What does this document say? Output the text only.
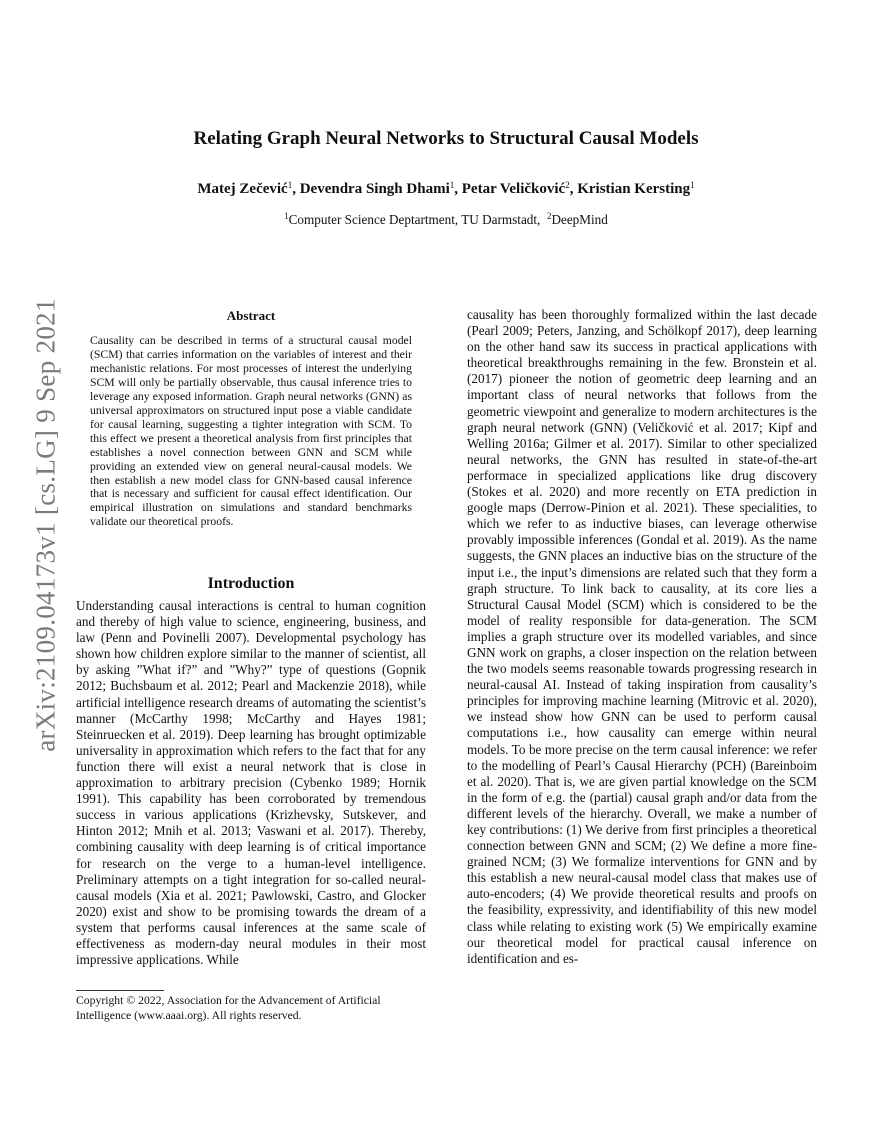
arXiv:2109.04173v1 [cs.LG] 9 Sep 2021
Relating Graph Neural Networks to Structural Causal Models
Matej Zečević$^1$, Devendra Singh Dhami$^1$, Petar Veličković$^2$, Kristian Kersting$^1$
$^1$Computer Science Deptartment, TU Darmstadt,  $^2$DeepMind
Abstract
Causality can be described in terms of a structural causal model (SCM) that carries information on the variables of interest and their mechanistic relations. For most processes of interest the underlying SCM will only be partially observable, thus causal inference tries to leverage any exposed information. Graph neural networks (GNN) as universal approximators on structured input pose a viable candidate for causal learning, suggesting a tighter integration with SCM. To this effect we present a theoretical analysis from first principles that establishes a novel connection between GNN and SCM while providing an extended view on general neural-causal models. We then establish a new model class for GNN-based causal inference that is necessary and sufficient for causal effect identification. Our empirical illustration on simulations and standard benchmarks validate our theoretical proofs.
Introduction
Understanding causal interactions is central to human cognition and thereby of high value to science, engineering, business, and law (Penn and Povinelli 2007). Developmental psychology has shown how children explore similar to the manner of scientist, all by asking ”What if?” and ”Why?” type of questions (Gopnik 2012; Buchsbaum et al. 2012; Pearl and Mackenzie 2018), while artificial intelligence research dreams of automating the scientist’s manner (McCarthy 1998; McCarthy and Hayes 1981; Steinruecken et al. 2019). Deep learning has brought optimizable universality in approximation which refers to the fact that for any function there will exist a neural network that is close in approximation to arbitrary precision (Cybenko 1989; Hornik 1991). This capability has been corroborated by tremendous success in various applications (Krizhevsky, Sutskever, and Hinton 2012; Mnih et al. 2013; Vaswani et al. 2017). Thereby, combining causality with deep learning is of critical importance for research on the verge to a human-level intelligence. Preliminary attempts on a tight integration for so-called neural-causal models (Xia et al. 2021; Pawlowski, Castro, and Glocker 2020) exist and show to be promising towards the dream of a system that performs causal inferences at the same scale of effectiveness as modern-day neural modules in their most impressive applications. While
Copyright © 2022, Association for the Advancement of Artificial Intelligence (www.aaai.org). All rights reserved.
causality has been thoroughly formalized within the last decade (Pearl 2009; Peters, Janzing, and Schölkopf 2017), deep learning on the other hand saw its success in practical applications with theoretical breakthroughs remaining in the few. Bronstein et al. (2017) pioneer the notion of geometric deep learning and an important class of neural networks that follows from the geometric viewpoint and generalize to modern architectures is the graph neural network (GNN) (Veličković et al. 2017; Kipf and Welling 2016a; Gilmer et al. 2017). Similar to other specialized neural networks, the GNN has resulted in state-of-the-art performace in specialized applications like drug discovery (Stokes et al. 2020) and more recently on ETA prediction in google maps (Derrow-Pinion et al. 2021). These specialities, to which we refer to as inductive biases, can leverage otherwise provably impossible inferences (Gondal et al. 2019). As the name suggests, the GNN places an inductive bias on the structure of the input i.e., the input’s dimensions are related such that they form a graph structure. To link back to causality, at its core lies a Structural Causal Model (SCM) which is considered to be the model of reality responsible for data-generation. The SCM implies a graph structure over its modelled variables, and since GNN work on graphs, a closer inspection on the relation between the two models seems reasonable towards progressing research in neural-causal AI. Instead of taking inspiration from causality’s principles for improving machine learning (Mitrovic et al. 2020), we instead show how GNN can be used to perform causal computations i.e., how causality can emerge within neural models. To be more precise on the term causal inference: we refer to the modelling of Pearl’s Causal Hierarchy (PCH) (Bareinboim et al. 2020). That is, we are given partial knowledge on the SCM in the form of e.g. the (partial) causal graph and/or data from the different levels of the hierarchy. Overall, we make a number of key contributions: (1) We derive from first principles a theoretical connection between GNN and SCM; (2) We define a more fine-grained NCM; (3) We formalize interventions for GNN and by this establish a new neural-causal model class that makes use of auto-encoders; (4) We provide theoretical results and proofs on the feasibility, expressivity, and identifiability of this new model class while relating to existing work (5) We empirically examine our theoretical model for practical causal inference on identification and es-
